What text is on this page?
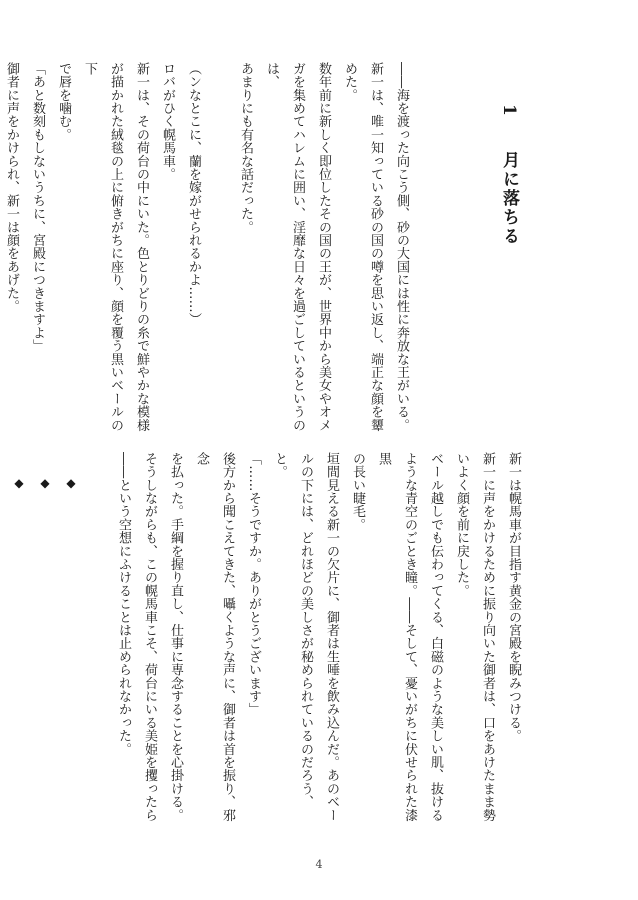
1　月に落ちる

――海を渡った向こう側、砂の大国には性に奔放な王がいる。
新一は、唯一知っている砂の国の噂を思い返し、端正な顔を顰
めた。
数年前に新しく即位したその国の王が、世界中から美女やオメ
ガを集めてハレムに囲い、淫靡な日々を過ごしているというのは、
あまりにも有名な話だった。

（ンなとこに、蘭を嫁がせられるかよ……）
ロバがひく幌馬車。
新一は、その荷台の中にいた。色とりどりの糸で鮮やかな模様
が描かれた絨毯の上に俯きがちに座り、顔を覆う黒いベールの下
で唇を噛む。
「あと数刻もしないうちに、宮殿につきますよ」
御者に声をかけられ、新一は顔をあげた。

新一は幌馬車が目指す黄金の宮殿を睨みつける。
新一に声をかけるために振り向いた御者は、口をあけたまま勢
いよく顔を前に戻した。
ベール越しでも伝わってくる、白磁のような美しい肌、抜ける
ような青空のごとき瞳。――そして、憂いがちに伏せられた漆黒
の長い睫毛。
垣間見える新一の欠片に、御者は生唾を飲み込んだ。あのベー
ルの下には、どれほどの美しさが秘められているのだろう、と。
「……そうですか。ありがとうございます」
後方から聞こえてきた、囁くような声に、御者は首を振り、邪念
を払った。手綱を握り直し、仕事に専念することを心掛ける。
そうしながらも、この幌馬車こそ、荷台にいる美姫を攫ったら
――という空想にふけることは止められなかった。

◆
◆
◆

4
